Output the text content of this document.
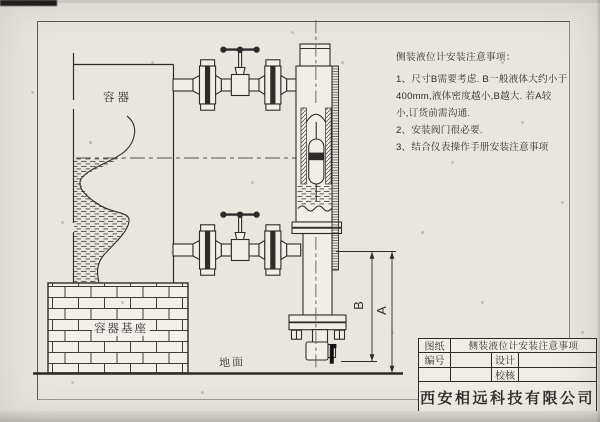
容器
容器基座
地面
B
A
侧装液位计安装注意事项：
1、尺寸B需要考虑. B一般液体大约小于
400mm,液体密度越小,B越大. 若A较
小,订货前需沟通.
2、安装阀门很必要.
3、结合仪表操作手册安装注意事项
图纸	侧装液位计安装注意事项
编号	设计
校核
西安相远科技有限公司
